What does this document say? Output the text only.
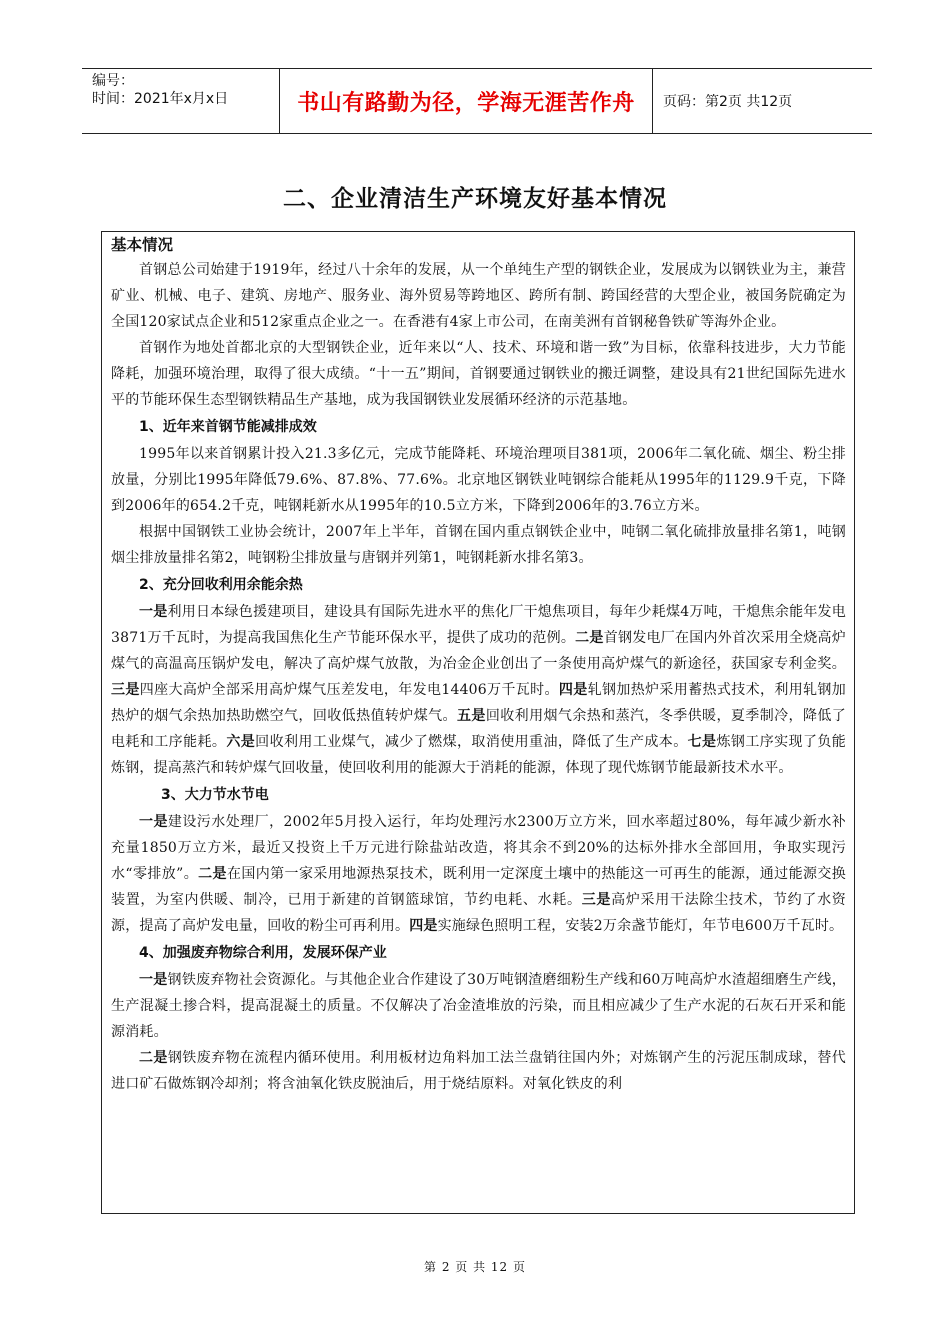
编号：
时间：2021年x月x日	书山有路勤为径，学海无涯苦作舟	页码：第2页 共12页
二、企业清洁生产环境友好基本情况
基本情况

首钢总公司始建于1919年，经过八十余年的发展，从一个单纯生产型的钢铁企业，发展成为以钢铁业为主，兼营矿业、机械、电子、建筑、房地产、服务业、海外贸易等跨地区、跨所有制、跨国经营的大型企业，被国务院确定为全国120家试点企业和512家重点企业之一。在香港有4家上市公司，在南美洲有首钢秘鲁铁矿等海外企业。

首钢作为地处首都北京的大型钢铁企业，近年来以“人、技术、环境和谐一致”为目标，依靠科技进步，大力节能降耗，加强环境治理，取得了很大成绩。“十一五”期间，首钢要通过钢铁业的搬迁调整，建设具有21世纪国际先进水平的节能环保生态型钢铁精品生产基地，成为我国钢铁业发展循环经济的示范基地。

1、近年来首钢节能减排成效

1995年以来首钢累计投入21.3多亿元，完成节能降耗、环境治理项目381项，2006年二氧化硫、烟尘、粉尘排放量，分别比1995年降低79.6%、87.8%、77.6%。北京地区钢铁业吨钢综合能耗从1995年的1129.9千克，下降到2006年的654.2千克，吨钢耗新水从1995年的10.5立方米，下降到2006年的3.76立方米。

根据中国钢铁工业协会统计，2007年上半年，首钢在国内重点钢铁企业中，吨钢二氧化硫排放量排名第1，吨钢烟尘排放量排名第2，吨钢粉尘排放量与唐钢并列第1，吨钢耗新水排名第3。

2、充分回收利用余能余热

一是利用日本绿色援建项目，建设具有国际先进水平的焦化厂干熄焦项目，每年少耗煤4万吨，干熄焦余能年发电3871万千瓦时，为提高我国焦化生产节能环保水平，提供了成功的范例。二是首钢发电厂在国内外首次采用全烧高炉煤气的高温高压锅炉发电，解决了高炉煤气放散，为冶金企业创出了一条使用高炉煤气的新途径，获国家专利金奖。三是四座大高炉全部采用高炉煤气压差发电，年发电14406万千瓦时。四是轧钢加热炉采用蓄热式技术，利用轧钢加热炉的烟气余热加热助燃空气，回收低热值转炉煤气。五是回收利用烟气余热和蒸汽，冬季供暖，夏季制冷，降低了电耗和工序能耗。六是回收利用工业煤气，减少了燃煤，取消使用重油，降低了生产成本。七是炼钢工序实现了负能炼钢，提高蒸汽和转炉煤气回收量，使回收利用的能源大于消耗的能源，体现了现代炼钢节能最新技术水平。

3、大力节水节电

一是建设污水处理厂，2002年5月投入运行，年均处理污水2300万立方米，回水率超过80%，每年减少新水补充量1850万立方米，最近又投资上千万元进行除盐站改造，将其余不到20%的达标外排水全部回用，争取实现污水“零排放”。二是在国内第一家采用地源热泵技术，既利用一定深度土壤中的热能这一可再生的能源，通过能源交换装置，为室内供暖、制冷，已用于新建的首钢篮球馆，节约电耗、水耗。三是高炉采用干法除尘技术，节约了水资源，提高了高炉发电量，回收的粉尘可再利用。四是实施绿色照明工程，安装2万余盏节能灯，年节电600万千瓦时。

4、加强废弃物综合利用，发展环保产业

一是钢铁废弃物社会资源化。与其他企业合作建设了30万吨钢渣磨细粉生产线和60万吨高炉水渣超细磨生产线，生产混凝土掺合料，提高混凝土的质量。不仅解决了冶金渣堆放的污染，而且相应减少了生产水泥的石灰石开采和能源消耗。

二是钢铁废弃物在流程内循环使用。利用板材边角料加工法兰盘销往国内外；对炼钢产生的污泥压制成球，替代进口矿石做炼钢冷却剂；将含油氧化铁皮脱油后，用于烧结原料。对氧化铁皮的利

第 2 页 共 12 页
